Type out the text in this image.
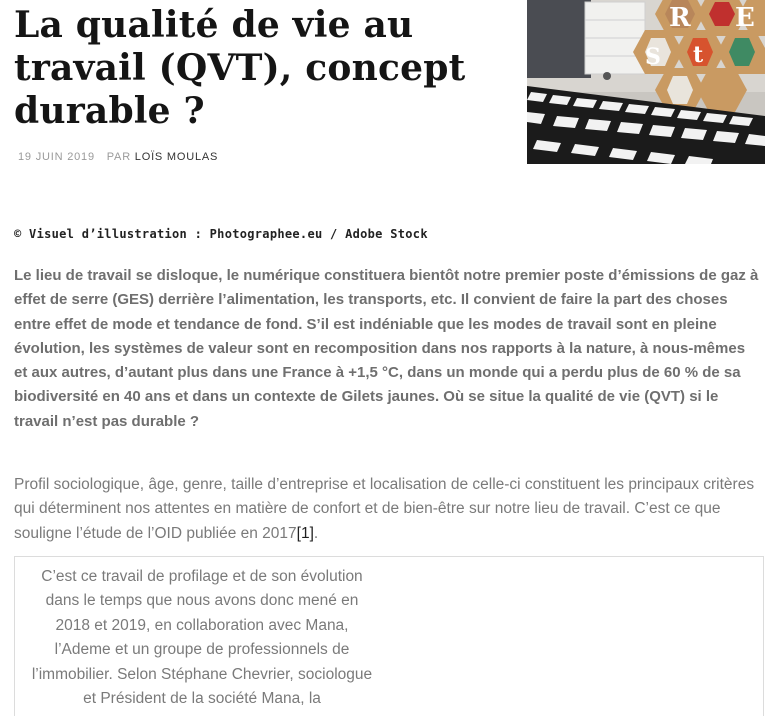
La qualité de vie au travail (QVT), concept durable ?
19 JUIN 2019 PAR LOÏS MOULAS
R E
S t

© Visuel d’illustration : Photographee.eu / Adobe Stock

Le lieu de travail se disloque, le numérique constituera bientôt notre premier poste d’émissions de gaz à effet de serre (GES) derrière l’alimentation, les transports, etc. Il convient de faire la part des choses entre effet de mode et tendance de fond. S’il est indéniable que les modes de travail sont en pleine évolution, les systèmes de valeur sont en recomposition dans nos rapports à la nature, à nous-mêmes et aux autres, d’autant plus dans une France à +1,5 °C, dans un monde qui a perdu plus de 60 % de sa biodiversité en 40 ans et dans un contexte de Gilets jaunes. Où se situe la qualité de vie (QVT) si le travail n’est pas durable ?

Profil sociologique, âge, genre, taille d’entreprise et localisation de celle-ci constituent les principaux critères qui déterminent nos attentes en matière de confort et de bien-être sur notre lieu de travail. C’est ce que souligne l’étude de l’OID publiée en 2017[1].

C’est ce travail de profilage et de son évolution dans le temps que nous avons donc mené en 2018 et 2019, en collaboration avec Mana, l’Ademe et un groupe de professionnels de l’immobilier. Selon Stéphane Chevrier, sociologue et Président de la société Mana, la
